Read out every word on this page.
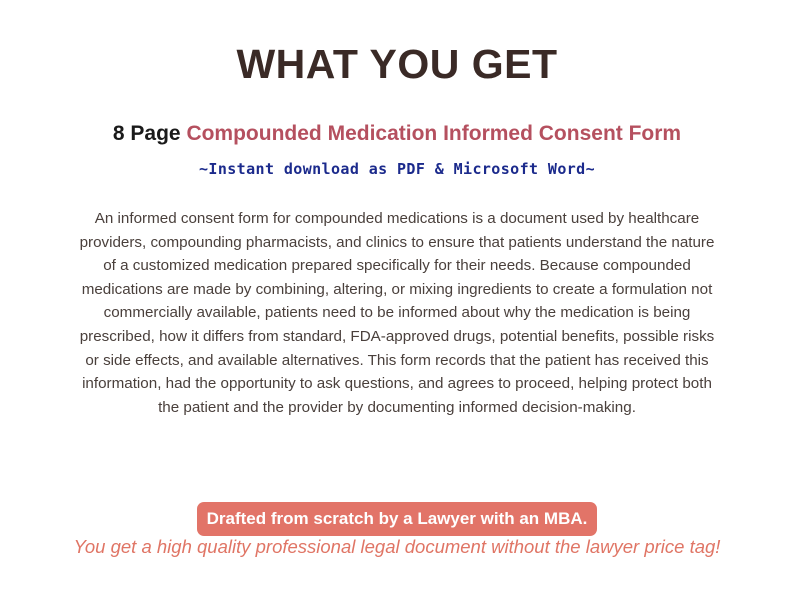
WHAT YOU GET

8 Page Compounded Medication Informed Consent Form

~Instant download as PDF & Microsoft Word~

An informed consent form for compounded medications is a document used by healthcare providers, compounding pharmacists, and clinics to ensure that patients understand the nature of a customized medication prepared specifically for their needs. Because compounded medications are made by combining, altering, or mixing ingredients to create a formulation not commercially available, patients need to be informed about why the medication is being prescribed, how it differs from standard, FDA-approved drugs, potential benefits, possible risks or side effects, and available alternatives. This form records that the patient has received this information, had the opportunity to ask questions, and agrees to proceed, helping protect both the patient and the provider by documenting informed decision-making.

Drafted from scratch by a Lawyer with an MBA.

You get a high quality professional legal document without the lawyer price tag!
